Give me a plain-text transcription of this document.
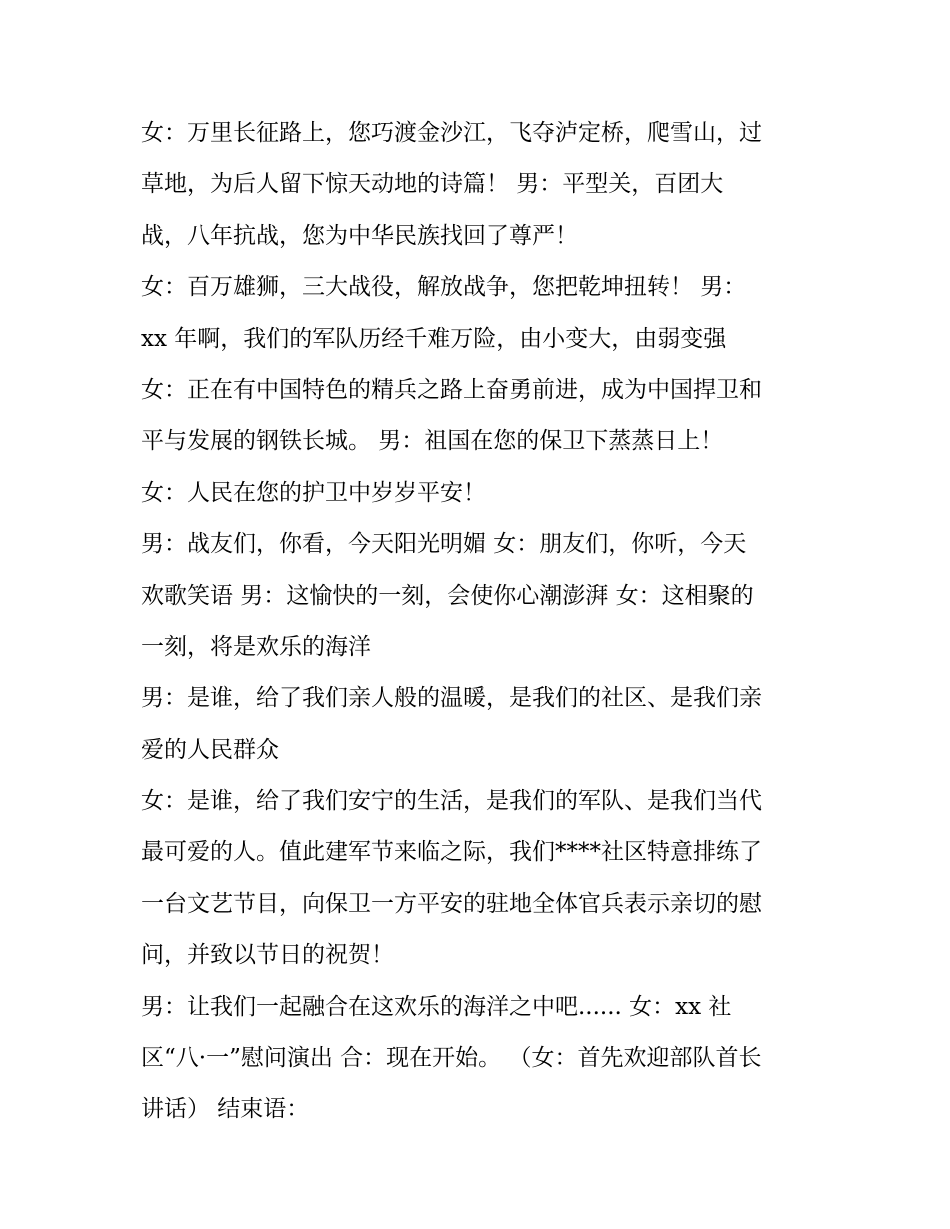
女：万里长征路上，您巧渡金沙江，飞夺泸定桥，爬雪山，过
草地，为后人留下惊天动地的诗篇！ 男：平型关，百团大
战，八年抗战，您为中华民族找回了尊严！
女：百万雄狮，三大战役，解放战争，您把乾坤扭转！ 男：
xx 年啊，我们的军队历经千难万险，由小变大，由弱变强
女：正在有中国特色的精兵之路上奋勇前进，成为中国捍卫和
平与发展的钢铁长城。 男：祖国在您的保卫下蒸蒸日上！
女：人民在您的护卫中岁岁平安！
男：战友们，你看，今天阳光明媚 女：朋友们，你听，今天
欢歌笑语 男：这愉快的一刻，会使你心潮澎湃 女：这相聚的
一刻，将是欢乐的海洋
男：是谁，给了我们亲人般的温暖，是我们的社区、是我们亲
爱的人民群众
女：是谁，给了我们安宁的生活，是我们的军队、是我们当代
最可爱的人。值此建军节来临之际，我们****社区特意排练了
一台文艺节目，向保卫一方平安的驻地全体官兵表示亲切的慰
问，并致以节日的祝贺！
男：让我们一起融合在这欢乐的海洋之中吧...... 女：xx 社
区“八·一”慰问演出 合：现在开始。 （女：首先欢迎部队首长
讲话） 结束语：
